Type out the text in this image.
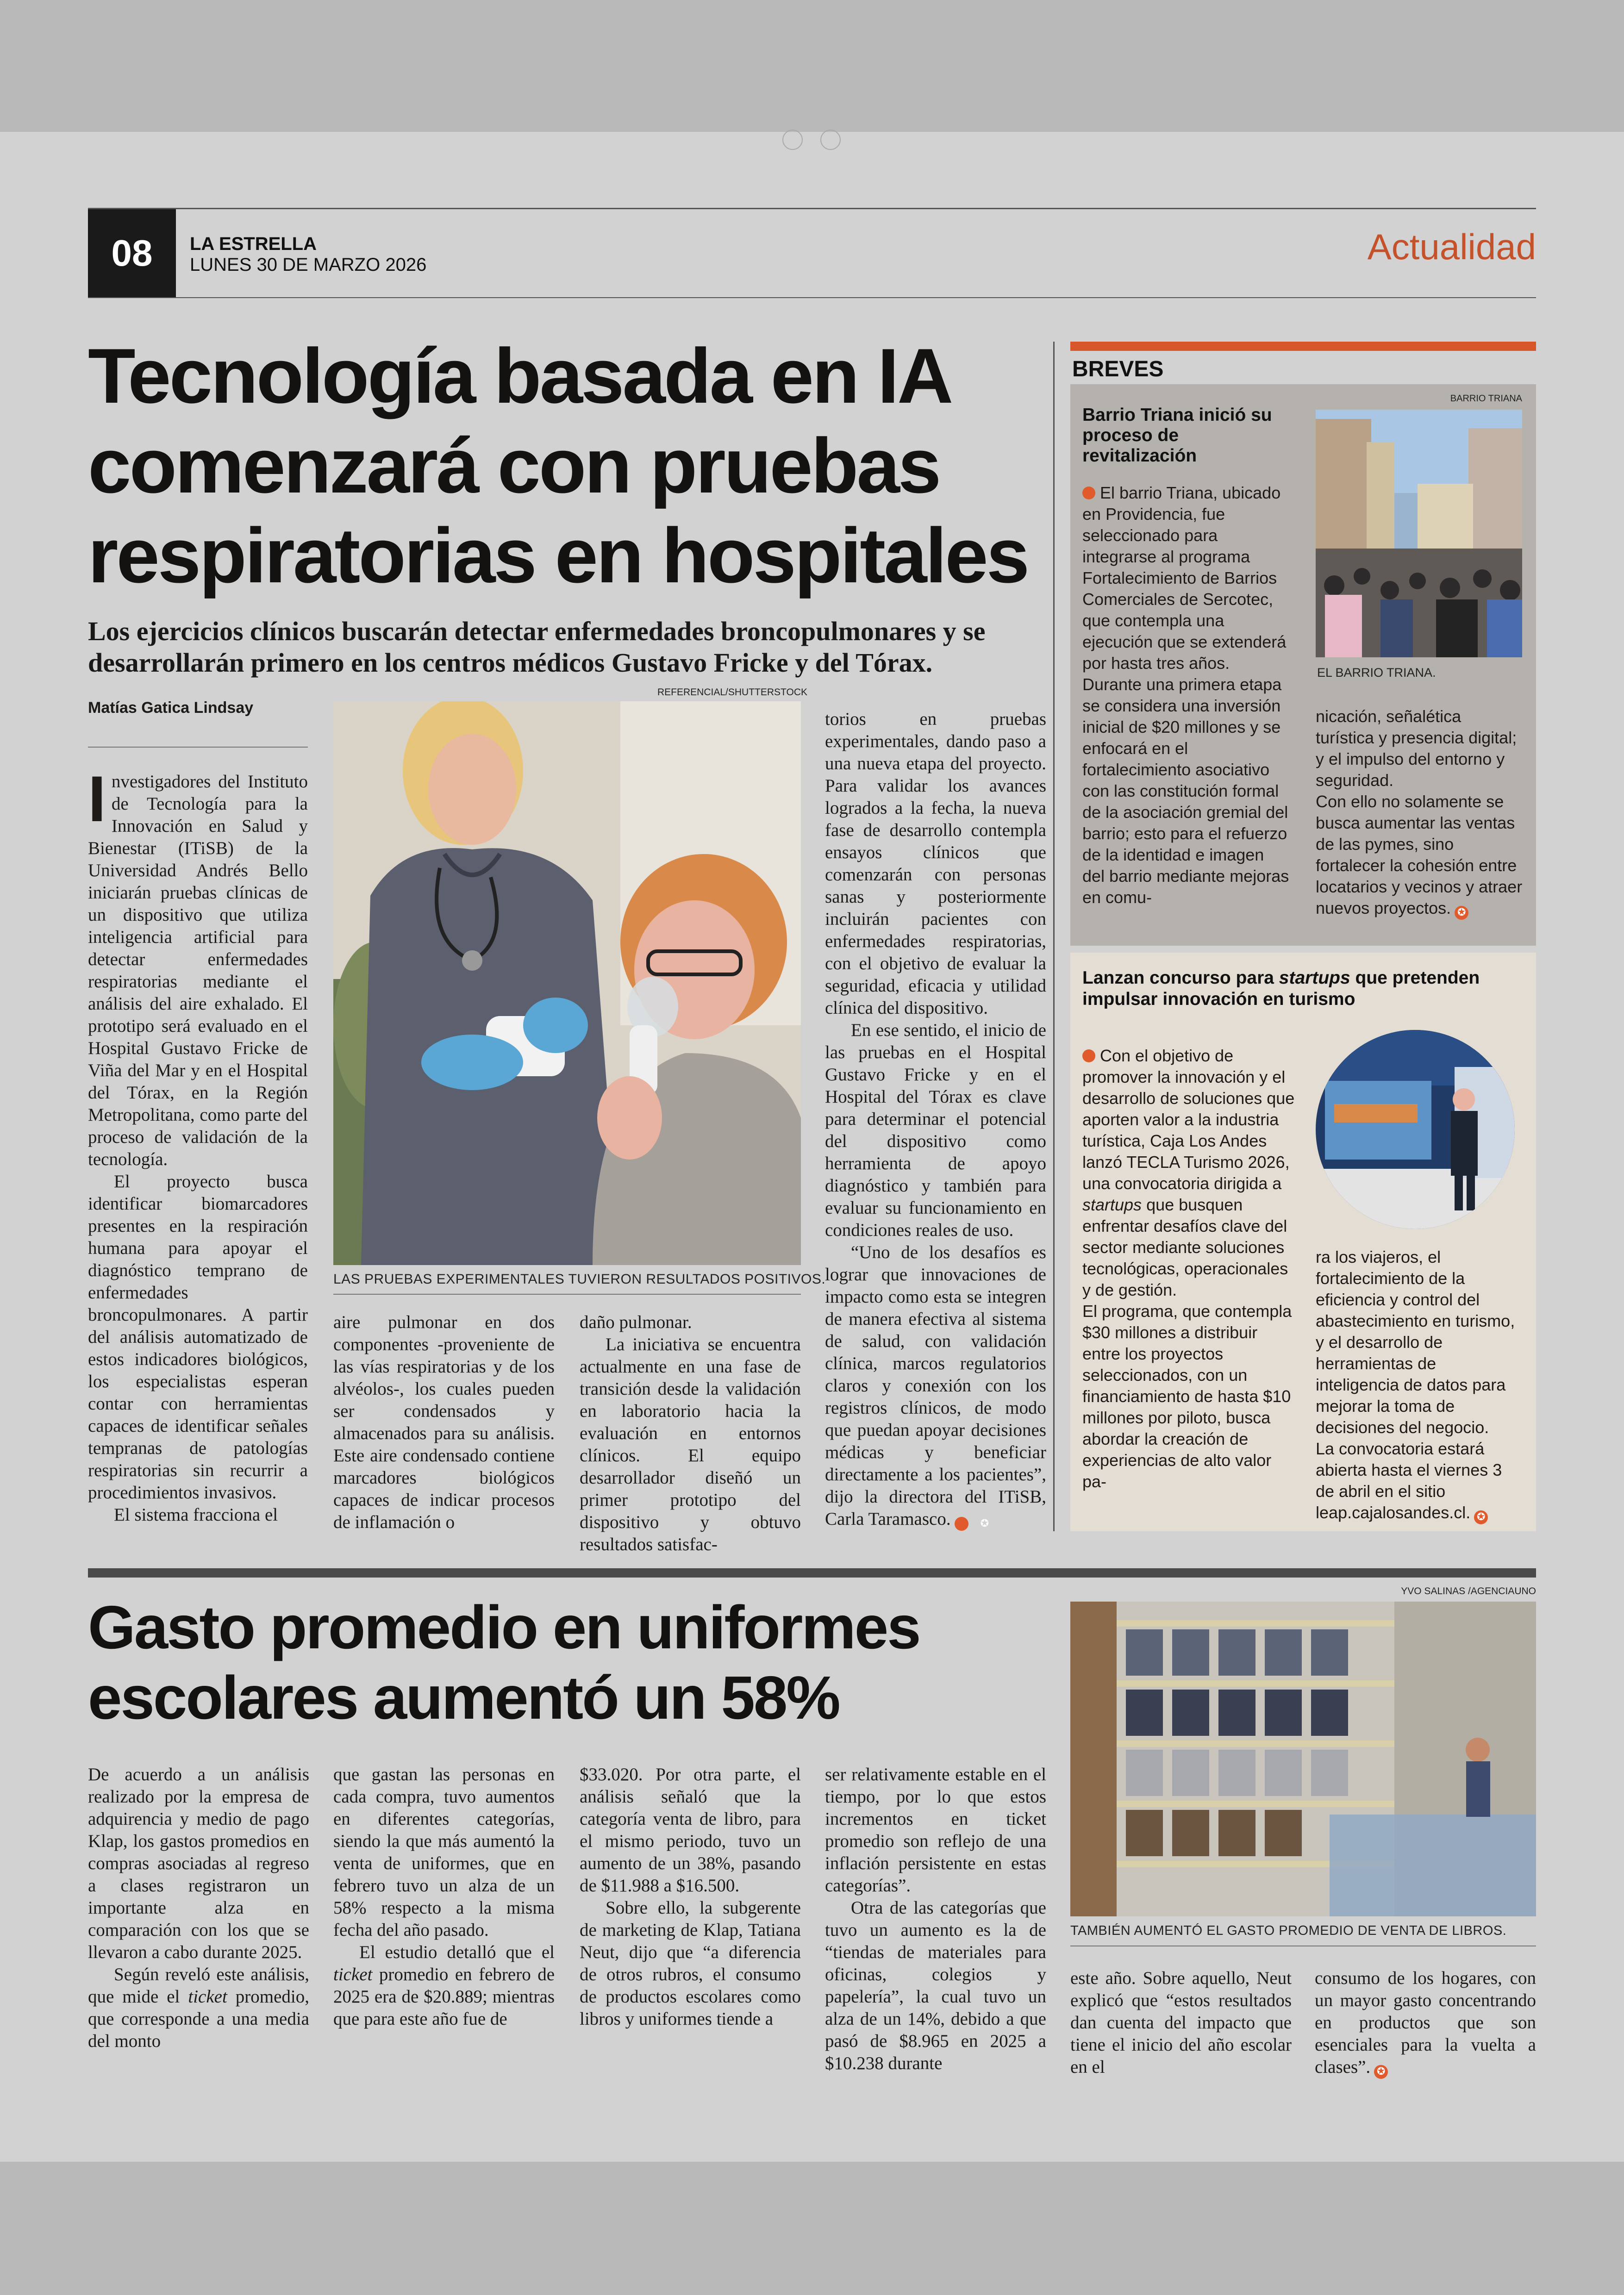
08	LA ESTRELLA
LUNES 30 DE MARZO 2026	Actualidad
Tecnología basada en IA comenzará con pruebas respiratorias en hospitales
Los ejercicios clínicos buscarán detectar enfermedades broncopulmonares y se desarrollarán primero en los centros médicos Gustavo Fricke y del Tórax.
Matías Gatica Lindsay
REFERENCIAL/SHUTTERSTOCK
LAS PRUEBAS EXPERIMENTALES TUVIERON RESULTADOS POSITIVOS.
I nvestigadores del Instituto de Tecnología para la Innovación en Salud y Bienestar (ITiSB) de la Universidad Andrés Bello iniciarán pruebas clínicas de un dispositivo que utiliza inteligencia artificial para detectar enfermedades respiratorias mediante el análisis del aire exhalado. El prototipo será evaluado en el Hospital Gustavo Fricke de Viña del Mar y en el Hospital del Tórax, en la Región Metropolitana, como parte del proceso de validación de la tecnología.

El proyecto busca identificar biomarcadores presentes en la respiración humana para apoyar el diagnóstico temprano de enfermedades broncopulmonares. A partir del análisis automatizado de estos indicadores biológicos, los especialistas esperan contar con herramientas capaces de identificar señales tempranas de patologías respiratorias sin recurrir a procedimientos invasivos.

El sistema fracciona el

aire pulmonar en dos componentes -proveniente de las vías respiratorias y de los alvéolos-, los cuales pueden ser condensados y almacenados para su análisis. Este aire condensado contiene marcadores biológicos capaces de indicar procesos de inflamación o

daño pulmonar.

La iniciativa se encuentra actualmente en una fase de transición desde la validación en laboratorio hacia la evaluación en entornos clínicos. El equipo desarrollador diseñó un primer prototipo del dispositivo y obtuvo resultados satisfac-

torios en pruebas experimentales, dando paso a una nueva etapa del proyecto. Para validar los avances logrados a la fecha, la nueva fase de desarrollo contempla ensayos clínicos que comenzarán con personas sanas y posteriormente incluirán pacientes con enfermedades respiratorias, con el objetivo de evaluar la seguridad, eficacia y utilidad clínica del dispositivo.

En ese sentido, el inicio de las pruebas en el Hospital Gustavo Fricke y en el Hospital del Tórax es clave para determinar el potencial del dispositivo como herramienta de apoyo diagnóstico y también para evaluar su funcionamiento en condiciones reales de uso.

“Uno de los desafíos es lograr que innovaciones de impacto como esta se integren de manera efectiva al sistema de salud, con validación clínica, marcos regulatorios claros y conexión con los registros clínicos, de modo que puedan apoyar decisiones médicas y beneficiar directamente a los pacientes”, dijo la directora del ITiSB, Carla Taramasco.	✪

BREVES
Barrio Triana inició su proceso de revitalización
BARRIO TRIANA
EL BARRIO TRIANA.

El barrio Triana, ubicado en Providencia, fue seleccionado para integrarse al programa Fortalecimiento de Barrios Comerciales de Sercotec, que contempla una ejecución que se extenderá por hasta tres años.

Durante una primera etapa se considera una inversión inicial de $20 millones y se enfocará en el fortalecimiento asociativo con las constitución formal de la asociación gremial del barrio; esto para el refuerzo de la identidad e imagen del barrio mediante mejoras en comu-

nicación, señalética turística y presencia digital; y el impulso del entorno y seguridad.

Con ello no solamente se busca aumentar las ventas de las pymes, sino fortalecer la cohesión entre locatarios y vecinos y atraer nuevos proyectos. ✪

Lanzan concurso para startups que pretenden impulsar innovación en turismo

Con el objetivo de promover la innovación y el desarrollo de soluciones que aporten valor a la industria turística, Caja Los Andes lanzó TECLA Turismo 2026, una convocatoria dirigida a startups que busquen enfrentar desafíos clave del sector mediante soluciones tecnológicas, operacionales y de gestión.

El programa, que contempla $30 millones a distribuir entre los proyectos seleccionados, con un financiamiento de hasta $10 millones por piloto, busca abordar la creación de experiencias de alto valor pa-

ra los viajeros, el fortalecimiento de la eficiencia y control del abastecimiento en turismo, y el desarrollo de herramientas de inteligencia de datos para mejorar la toma de decisiones del negocio.

La convocatoria estará abierta hasta el viernes 3 de abril en el sitio leap.cajalosandes.cl. ✪

YVO SALINAS /AGENCIAUNO
Gasto promedio en uniformes escolares aumentó un 58%
TAMBIÉN AUMENTÓ EL GASTO PROMEDIO DE VENTA DE LIBROS.

De acuerdo a un análisis realizado por la empresa de adquirencia y medio de pago Klap, los gastos promedios en compras asociadas al regreso a clases registraron un importante alza en comparación con los que se llevaron a cabo durante 2025.

Según reveló este análisis, que mide el ticket promedio, que corresponde a una media del monto

que gastan las personas en cada compra, tuvo aumentos en diferentes categorías, siendo la que más aumentó la venta de uniformes, que en febrero tuvo un alza de un 58% respecto a la misma fecha del año pasado.

El estudio detalló que el ticket promedio en febrero de 2025 era de $20.889; mientras que para este año fue de

$33.020. Por otra parte, el análisis señaló que la categoría venta de libro, para el mismo periodo, tuvo un aumento de un 38%, pasando de $11.988 a $16.500.

Sobre ello, la subgerente de marketing de Klap, Tatiana Neut, dijo que “a diferencia de otros rubros, el consumo de productos escolares como libros y uniformes tiende a

ser relativamente estable en el tiempo, por lo que estos incrementos en ticket promedio son reflejo de una inflación persistente en estas categorías”.

Otra de las categorías que tuvo un aumento es la de “tiendas de materiales para oficinas, colegios y papelería”, la cual tuvo un alza de un 14%, debido a que pasó de $8.965 en 2025 a $10.238 durante

este año. Sobre aquello, Neut explicó que “estos resultados dan cuenta del impacto que tiene el inicio del año escolar en el

consumo de los hogares, con un mayor gasto concentrando en productos que son esenciales para la vuelta a clases”. ✪
